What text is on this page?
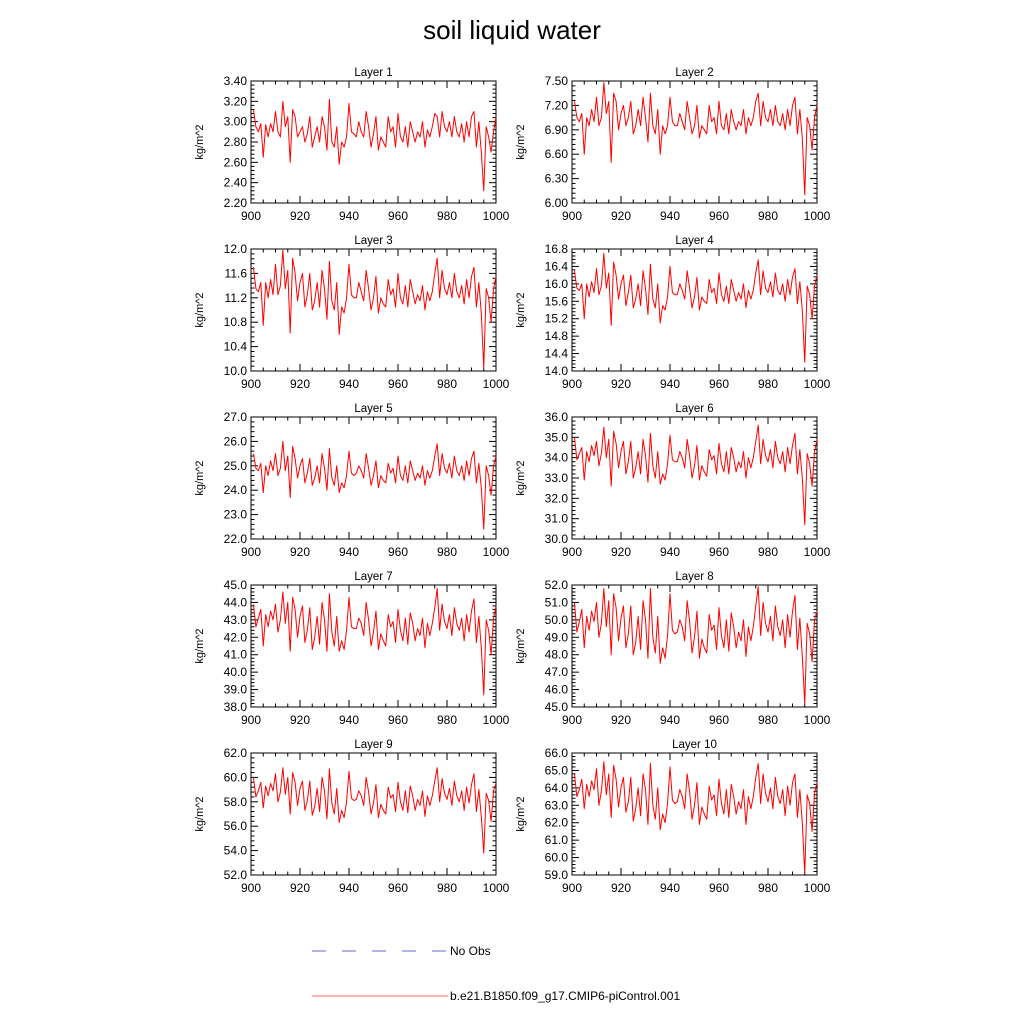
soil liquid water
Layer 1
kg/m^2
900 920 940 960 980 1000
2.20
2.40
2.60
2.80
3.00
3.20
3.40
Layer 2
kg/m^2
900 920 940 960 980 1000
6.00
6.30
6.60
6.90
7.20
7.50
Layer 3
kg/m^2
900 920 940 960 980 1000
10.0
10.4
10.8
11.2
11.6
12.0
Layer 4
kg/m^2
900 920 940 960 980 1000
14.0
14.4
14.8
15.2
15.6
16.0
16.4
16.8
Layer 5
kg/m^2
900 920 940 960 980 1000
22.0
23.0
24.0
25.0
26.0
27.0
Layer 6
kg/m^2
900 920 940 960 980 1000
30.0
31.0
32.0
33.0
34.0
35.0
36.0
Layer 7
kg/m^2
900 920 940 960 980 1000
38.0
39.0
40.0
41.0
42.0
43.0
44.0
45.0
Layer 8
kg/m^2
900 920 940 960 980 1000
45.0
46.0
47.0
48.0
49.0
50.0
51.0
52.0
Layer 9
kg/m^2
900 920 940 960 980 1000
52.0
54.0
56.0
58.0
60.0
62.0
Layer 10
kg/m^2
900 920 940 960 980 1000
59.0
60.0
61.0
62.0
63.0
64.0
65.0
66.0
No Obs
b.e21.B1850.f09_g17.CMIP6-piControl.001
